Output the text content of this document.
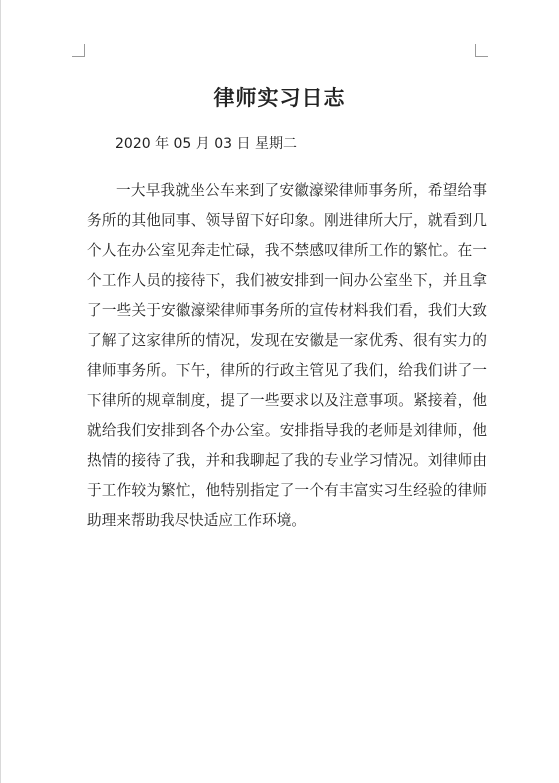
律师实习日志
2020 年 05 月 03 日 星期二

一大早我就坐公车来到了安徽濠梁律师事务所，希望给事务所的其他同事、领导留下好印象。刚进律所大厅，就看到几个人在办公室见奔走忙碌，我不禁感叹律所工作的繁忙。在一个工作人员的接待下，我们被安排到一间办公室坐下，并且拿了一些关于安徽濠梁律师事务所的宣传材料我们看，我们大致了解了这家律所的情况，发现在安徽是一家优秀、很有实力的律师事务所。下午，律所的行政主管见了我们，给我们讲了一下律所的规章制度，提了一些要求以及注意事项。紧接着，他就给我们安排到各个办公室。安排指导我的老师是刘律师，他热情的接待了我，并和我聊起了我的专业学习情况。刘律师由于工作较为繁忙，他特别指定了一个有丰富实习生经验的律师助理来帮助我尽快适应工作环境。
